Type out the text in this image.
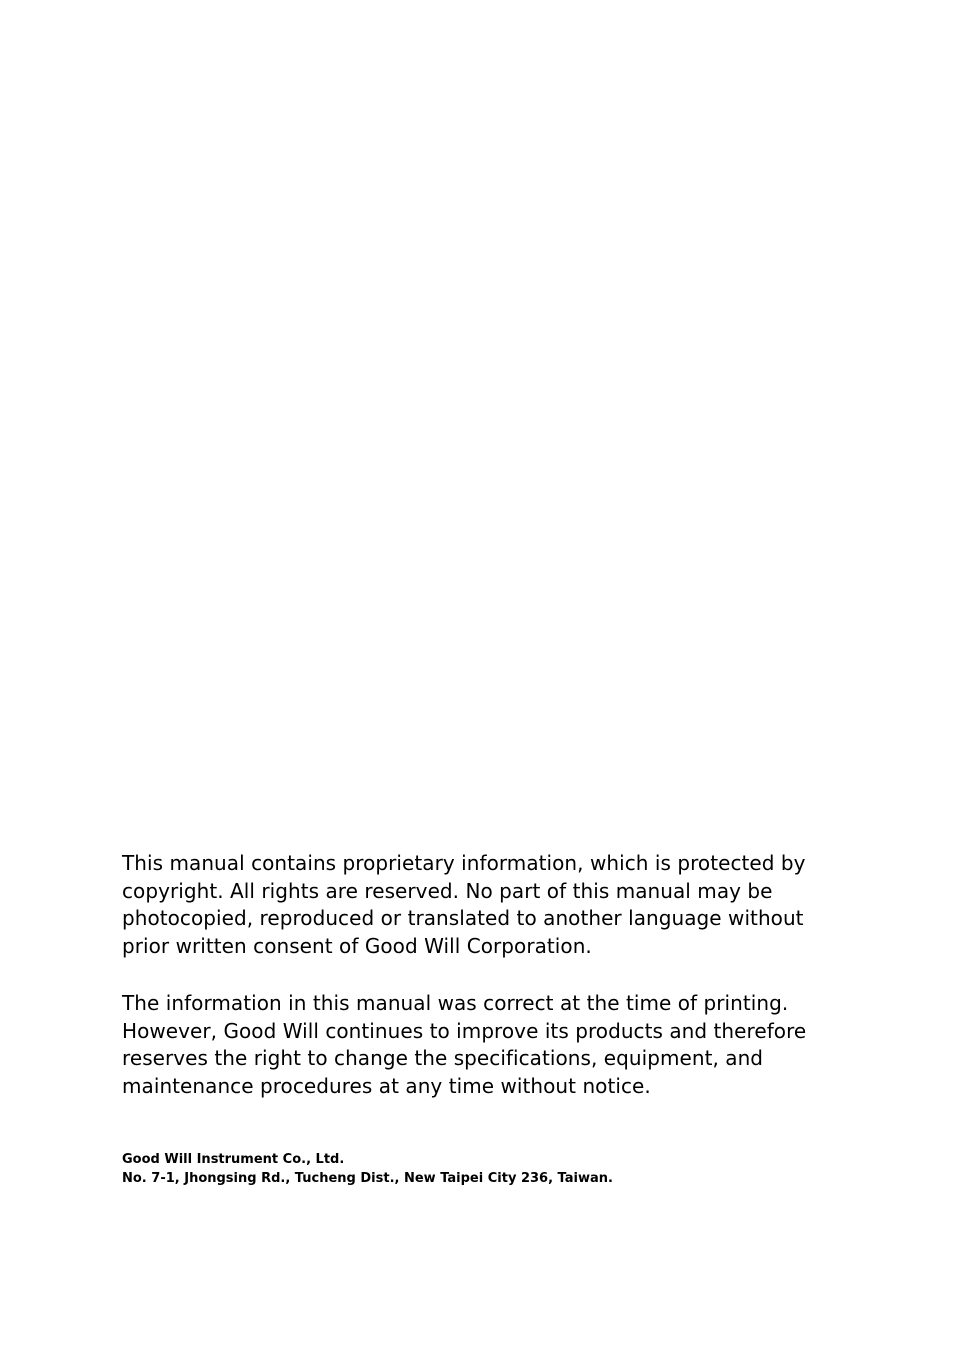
This manual contains proprietary information, which is protected by
copyright. All rights are reserved. No part of this manual may be
photocopied, reproduced or translated to another language without
prior written consent of Good Will Corporation.

The information in this manual was correct at the time of printing.
However, Good Will continues to improve its products and therefore
reserves the right to change the specifications, equipment, and
maintenance procedures at any time without notice.

Good Will Instrument Co., Ltd.
No. 7-1, Jhongsing Rd., Tucheng Dist., New Taipei City 236, Taiwan.
